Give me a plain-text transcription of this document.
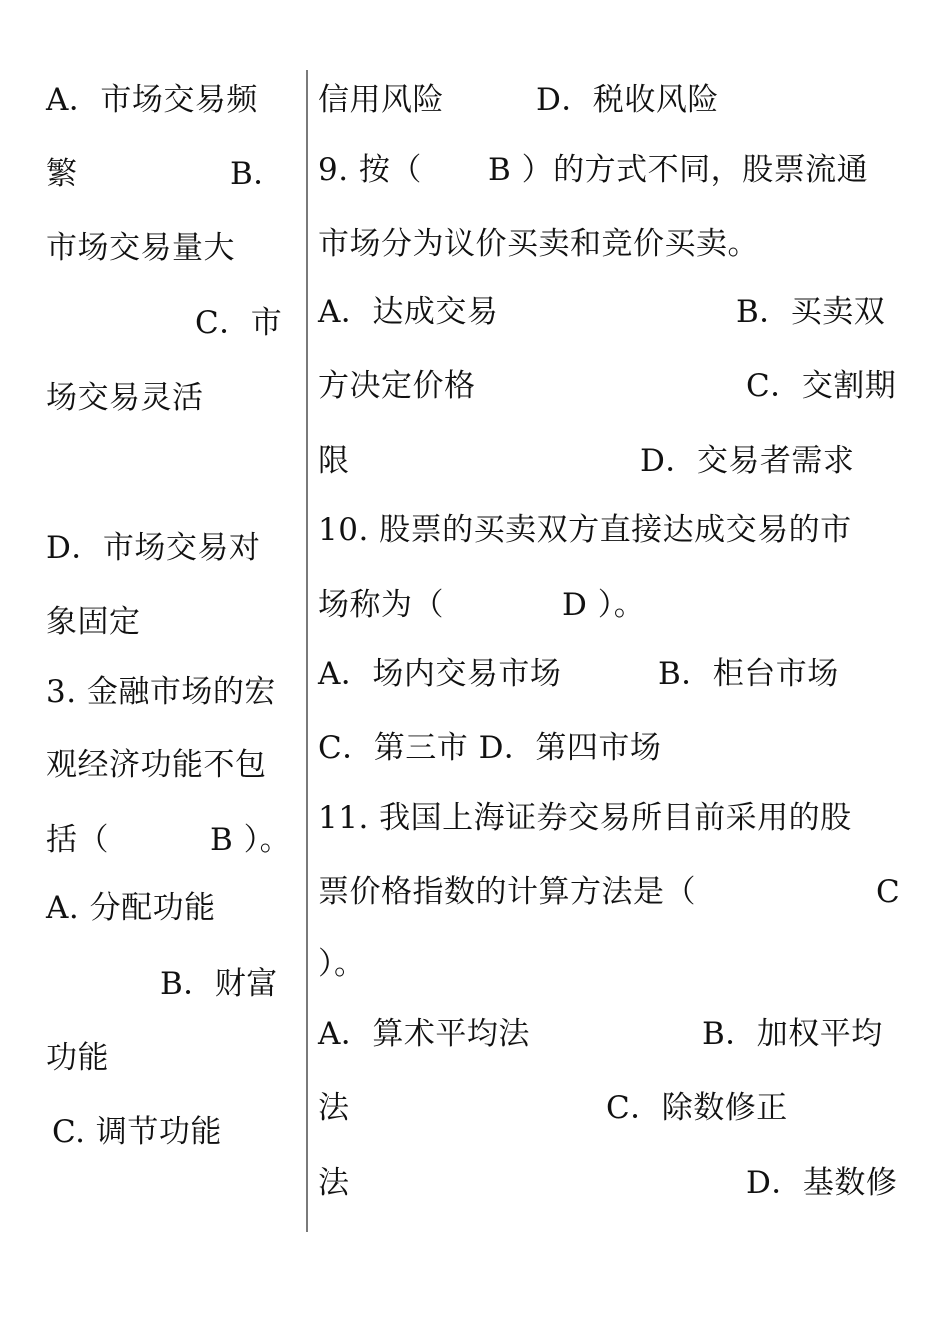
A．市场交易频
繁	B．
市场交易量大
C．市
场交易灵活
D．市场交易对
象固定
3. 金融市场的宏
观经济功能不包
括（	B ）。
A. 分配功能
B．财富
功能
C. 调节功能
信用风险	D．税收风险
9. 按（ B ）的方式不同，股票流通
市场分为议价买卖和竞价买卖。
A．达成交易	B．买卖双
方决定价格	C．交割期
限	D．交易者需求
10. 股票的买卖双方直接达成交易的市
场称为（	D ）。
A．场内交易市场	B．柜台市场
C．第三市 D．第四市场
11. 我国上海证券交易所目前采用的股
票价格指数的计算方法是（	C
）。
A．算术平均法	B．加权平均
法	C．除数修正
法	D．基数修
